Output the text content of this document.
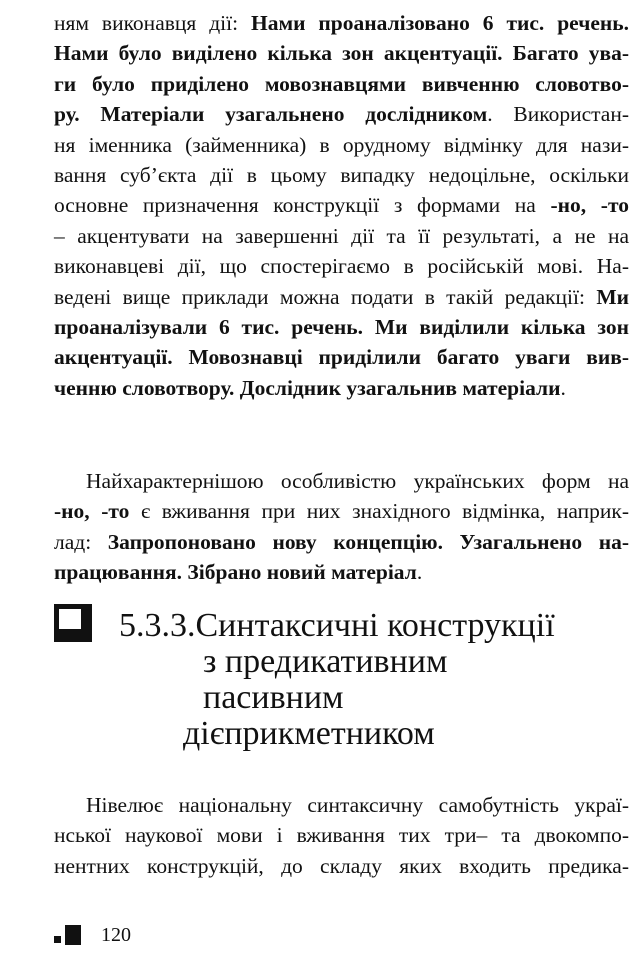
ням виконавця дії: Нами проаналізовано 6 тис. речень.
Нами було виділено кілька зон акцентуації. Багато ува-
ги було приділено мовознавцями вивченню словотво-
ру. Матеріали узагальнено дослідником. Використан-
ня іменника (займенника) в орудному відмінку для нази-
вання суб’єкта дії в цьому випадку недоцільне, оскільки
основне призначення конструкції з формами на -но, -то
– акцентувати на завершенні дії та її результаті, а не на
виконавцеві дії, що спостерігаємо в російській мові. На-
ведені вище приклади можна подати в такій редакції: Ми
проаналізували 6 тис. речень. Ми виділили кілька зон
акцентуації. Мовознавці приділили багато уваги вив-
ченню словотвору. Дослідник узагальнив матеріали.
Найхарактернішою особливістю українських форм на
-но, -то є вживання при них знахідного відмінка, наприк-
лад: Запропоновано нову концепцію. Узагальнено на-
працювання. Зібрано новий матеріал.
5.3.3.Синтаксичні конструкції
з предикативним
пасивним
дієприкметником
Нівелює національну синтаксичну самобутність украї-
нської наукової мови і вживання тих три– та двокомпо-
нентних конструкцій, до складу яких входить предика-
120
